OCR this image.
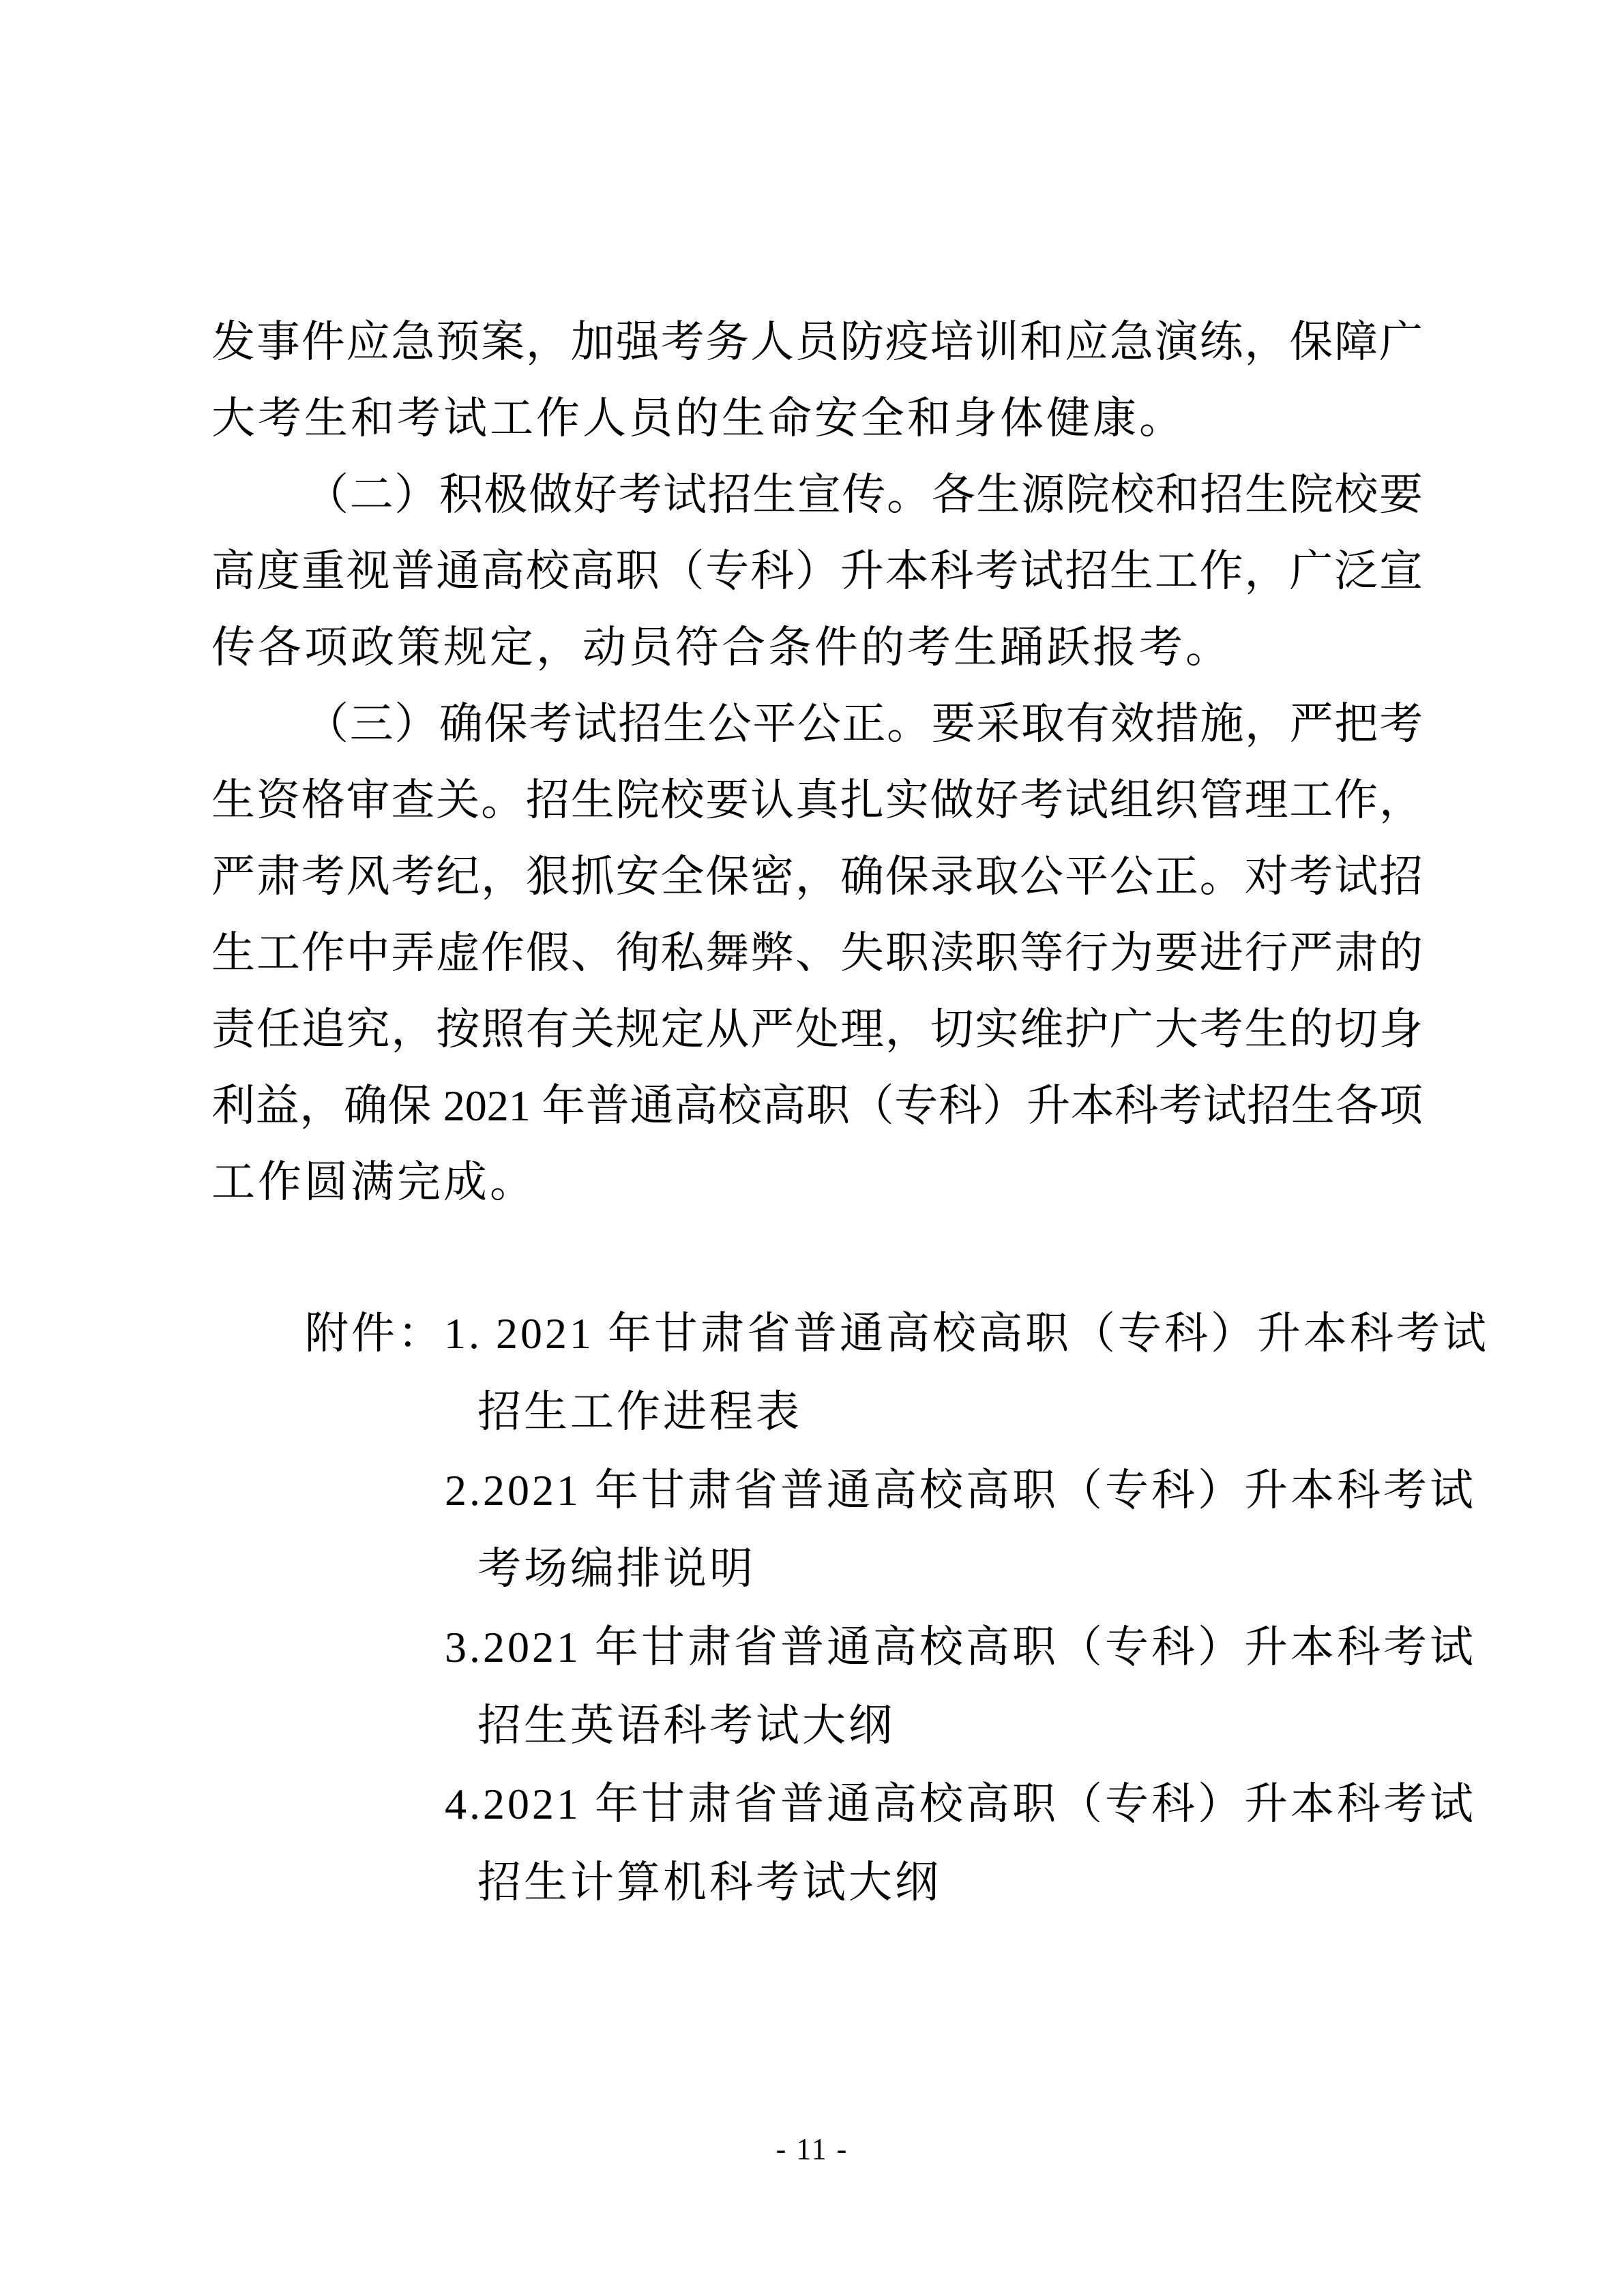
发事件应急预案，加强考务人员防疫培训和应急演练，保障广
大考生和考试工作人员的生命安全和身体健康。
（二）积极做好考试招生宣传。各生源院校和招生院校要
高度重视普通高校高职（专科）升本科考试招生工作，广泛宣
传各项政策规定，动员符合条件的考生踊跃报考。
（三）确保考试招生公平公正。要采取有效措施，严把考
生资格审查关。招生院校要认真扎实做好考试组织管理工作，
严肃考风考纪，狠抓安全保密，确保录取公平公正。对考试招
生工作中弄虚作假、徇私舞弊、失职渎职等行为要进行严肃的
责任追究，按照有关规定从严处理，切实维护广大考生的切身
利益，确保 2021 年普通高校高职（专科）升本科考试招生各项
工作圆满完成。
附件：1. 2021 年甘肃省普通高校高职（专科）升本科考试
招生工作进程表
2.2021 年甘肃省普通高校高职（专科）升本科考试
考场编排说明
3.2021 年甘肃省普通高校高职（专科）升本科考试
招生英语科考试大纲
4.2021 年甘肃省普通高校高职（专科）升本科考试
招生计算机科考试大纲
- 11 -
